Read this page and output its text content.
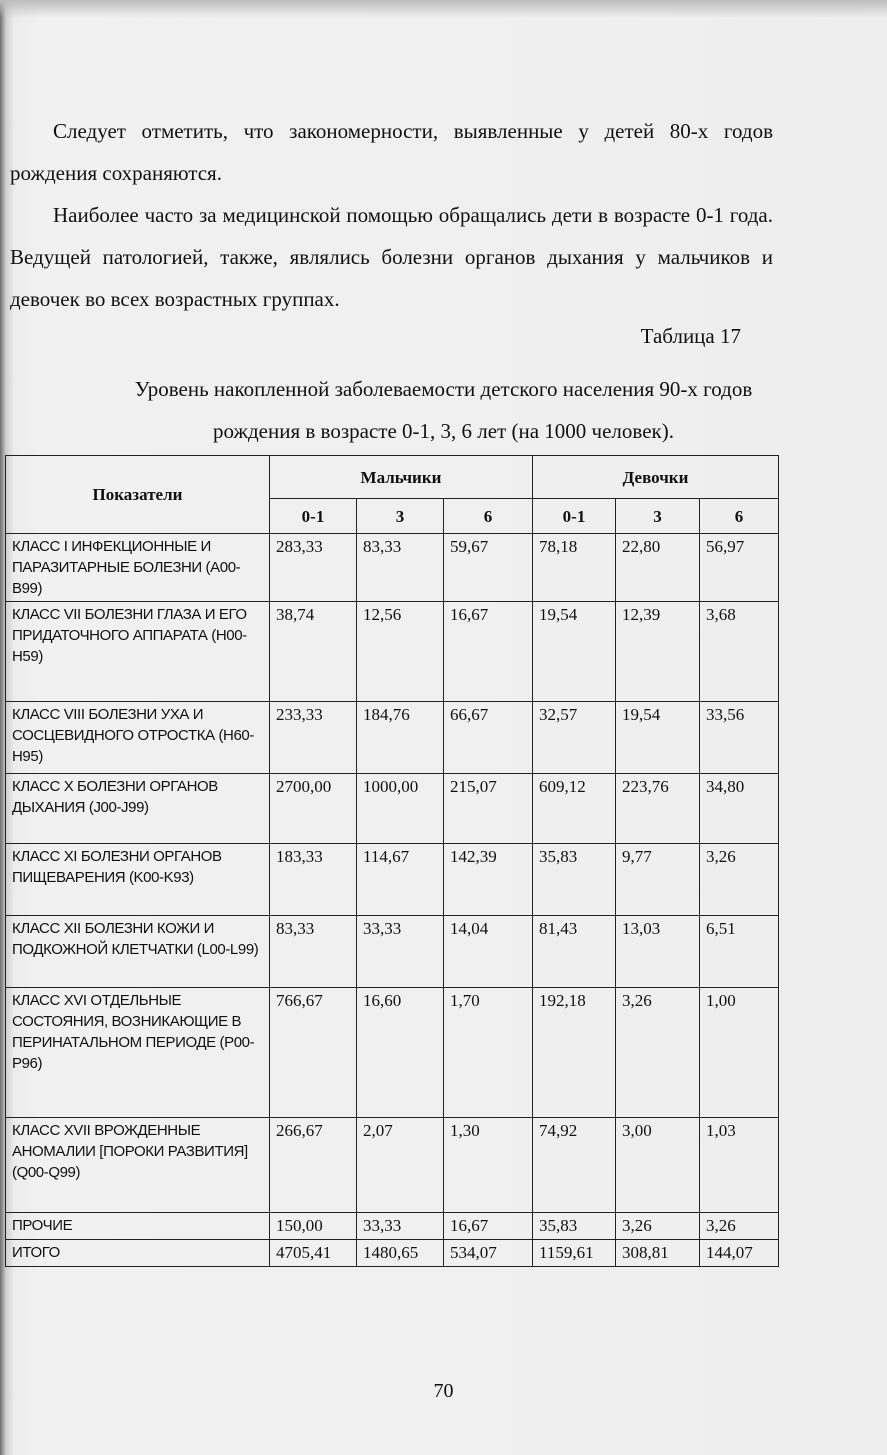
Следует отметить, что закономерности, выявленные у детей 80-х годов рождения сохраняются.

Наиболее часто за медицинской помощью обращались дети в возрасте 0-1 года. Ведущей патологией, также, являлись болезни органов дыхания у мальчиков и девочек во всех возрастных группах.

Таблица 17

Уровень накопленной заболеваемости детского населения 90-х годов
рождения в возрасте 0-1, 3, 6 лет (на 1000 человек).
Показатели	Мальчики			Девочки		
	0-1	3	6	0-1	3	6
КЛАСС I ИНФЕКЦИОННЫЕ И ПАРАЗИТАРНЫЕ БОЛЕЗНИ (A00-B99)	283,33	83,33	59,67	78,18	22,80	56,97
КЛАСС VII БОЛЕЗНИ ГЛАЗА И ЕГО ПРИДАТОЧНОГО АППАРАТА (H00-H59)	38,74	12,56	16,67	19,54	12,39	3,68
КЛАСС VIII БОЛЕЗНИ УХА И СОСЦЕВИДНОГО ОТРОСТКА (H60-H95)	233,33	184,76	66,67	32,57	19,54	33,56
КЛАСС X БОЛЕЗНИ ОРГАНОВ ДЫХАНИЯ (J00-J99)	2700,00	1000,00	215,07	609,12	223,76	34,80
КЛАСС XI БОЛЕЗНИ ОРГАНОВ ПИЩЕВАРЕНИЯ (K00-K93)	183,33	114,67	142,39	35,83	9,77	3,26
КЛАСС XII БОЛЕЗНИ КОЖИ И ПОДКОЖНОЙ КЛЕТЧАТКИ (L00-L99)	83,33	33,33	14,04	81,43	13,03	6,51
КЛАСС XVI ОТДЕЛЬНЫЕ СОСТОЯНИЯ, ВОЗНИКАЮЩИЕ В ПЕРИНАТАЛЬНОМ ПЕРИОДЕ (P00-P96)	766,67	16,60	1,70	192,18	3,26	1,00
КЛАСС XVII ВРОЖДЕННЫЕ АНОМАЛИИ [ПОРОКИ РАЗВИТИЯ] (Q00-Q99)	266,67	2,07	1,30	74,92	3,00	1,03
ПРОЧИЕ	150,00	33,33	16,67	35,83	3,26	3,26
ИТОГО	4705,41	1480,65	534,07	1159,61	308,81	144,07

70
